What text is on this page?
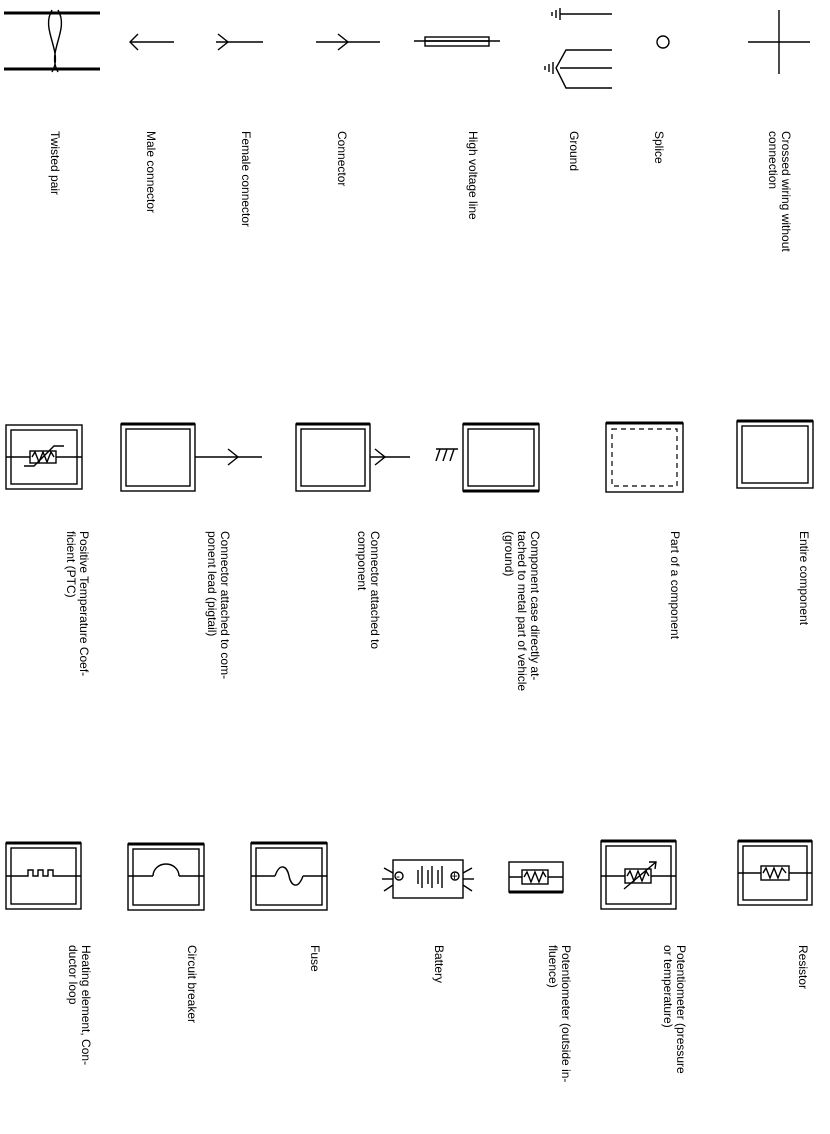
Twisted pair	Male connector	Female connector	Connector	High voltage line	Ground	Splice	connection Crossed wiring without
ficient (PTC) Positive Temperature Coef-	ponent lead (pigtail) Connector attached to com-	component Connector attached to	(ground) tached to metal part of vehicle Component case directly at-	Part of a component	Entire component
-	+
ductor loop Heating element, Con-	Circuit breaker	Fuse	Battery	fluence) Potentiometer (outside in-	or temperature) Potentiometer (pressure	Resistor
